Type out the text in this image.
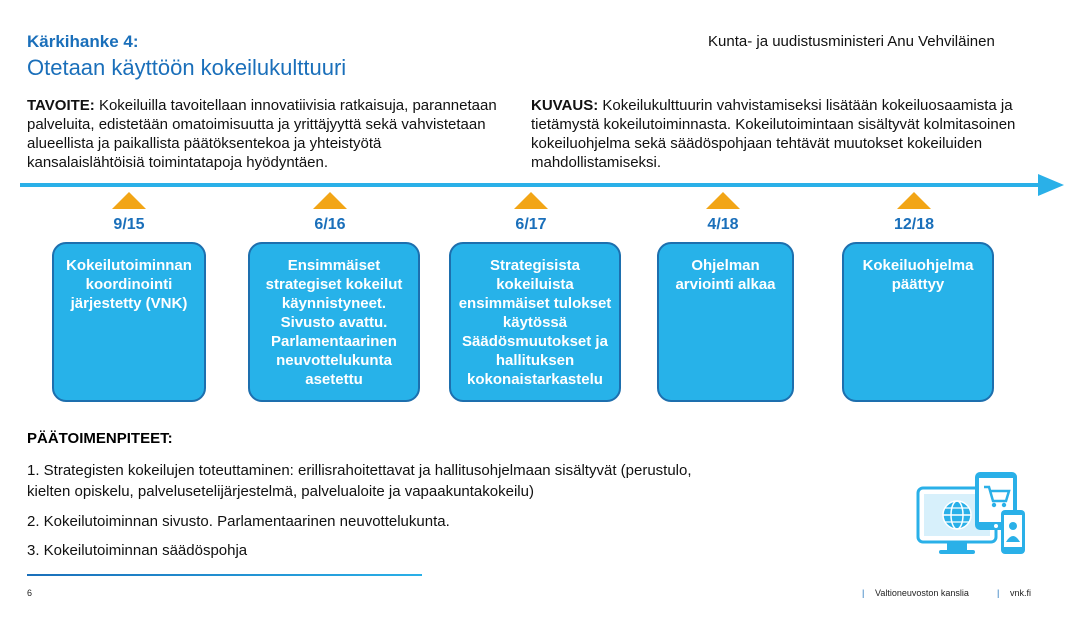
Kärkihanke 4:
Otetaan käyttöön kokeilukulttuuri
Kunta- ja uudistusministeri Anu Vehviläinen
TAVOITE: Kokeiluilla tavoitellaan innovatiivisia ratkaisuja, parannetaan palveluita, edistetään omatoimisuutta ja yrittäjyyttä sekä vahvistetaan alueellista ja paikallista päätöksentekoa ja yhteistyötä kansalaislähtöisiä toimintatapoja hyödyntäen.
KUVAUS: Kokeilukulttuurin vahvistamiseksi lisätään kokeiluosaamista ja tietämystä kokeilutoiminnasta. Kokeilutoimintaan sisältyvät kolmitasoinen kokeiluohjelma sekä säädöspohjaan tehtävät muutokset kokeiluiden mahdollistamiseksi.
9/15
Kokeilutoiminnan koordinointi järjestetty (VNK)
6/16
Ensimmäiset strategiset kokeilut käynnistyneet. Sivusto avattu. Parlamentaarinen neuvottelukunta asetettu
6/17
Strategisista kokeiluista ensimmäiset tulokset käytössä Säädösmuutokset ja hallituksen kokonaistarkastelu
4/18
Ohjelman arviointi alkaa
12/18
Kokeiluohjelma päättyy
PÄÄTOIMENPITEET:
1. Strategisten kokeilujen toteuttaminen: erillisrahoitettavat ja hallitusohjelmaan sisältyvät (perustulo, kielten opiskelu, palvelusetelijärjestelmä, palvelualoite ja vapaakuntakokeilu)
2. Kokeilutoiminnan sivusto. Parlamentaarinen neuvottelukunta.
3. Kokeilutoiminnan säädöspohja
6	| Valtioneuvoston kanslia	| vnk.fi
